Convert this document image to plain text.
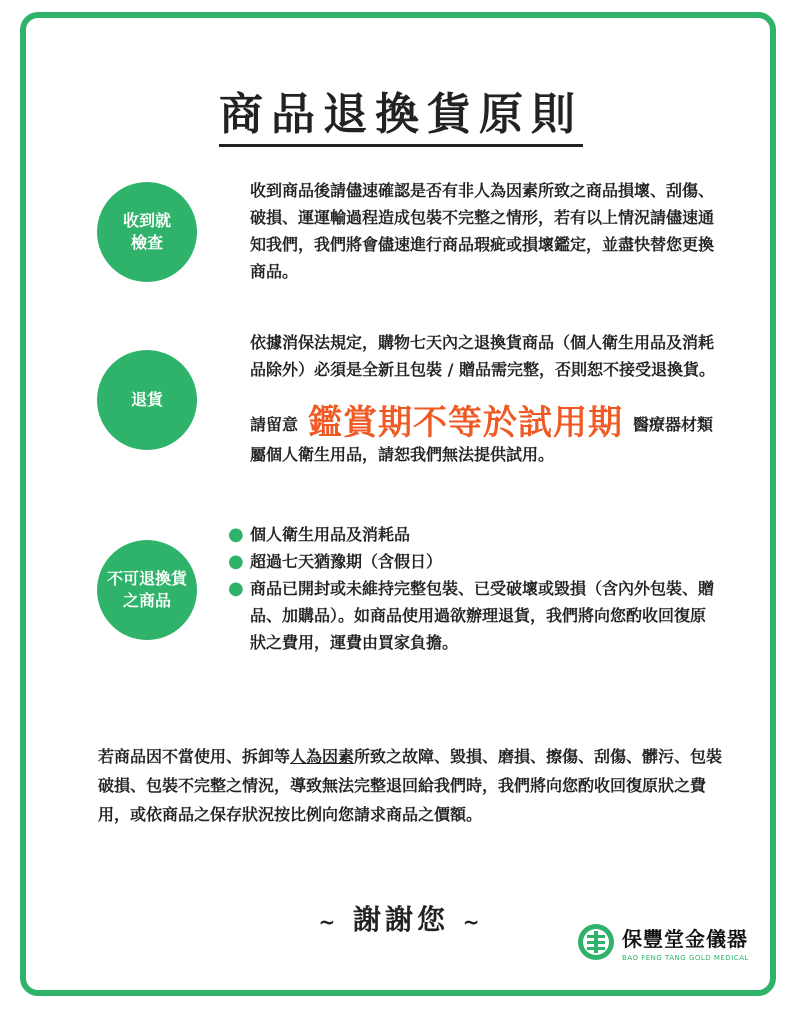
商品退換貨原則
收到就
檢查
收到商品後請儘速確認是否有非人為因素所致之商品損壞、刮傷、破損、運運輸過程造成包裝不完整之情形，若有以上情況請儘速通知我們，我們將會儘速進行商品瑕疵或損壞鑑定，並盡快替您更換商品。
退貨
依據消保法規定，購物七天內之退換貨商品（個人衛生用品及消耗品除外）必須是全新且包裝 / 贈品需完整，否則恕不接受退換貨。
請留意 鑑賞期不等於試用期 醫療器材類屬個人衛生用品，請恕我們無法提供試用。
不可退換貨
之商品
● 個人衛生用品及消耗品
● 超過七天猶豫期（含假日）
● 商品已開封或未維持完整包裝、已受破壞或毀損（含內外包裝、贈品、加購品）。如商品使用過欲辦理退貨，我們將向您酌收回復原狀之費用，運費由買家負擔。
若商品因不當使用、拆卸等人為因素所致之故障、毀損、磨損、擦傷、刮傷、髒污、包裝破損、包裝不完整之情況，導致無法完整退回給我們時，我們將向您酌收回復原狀之費用，或依商品之保存狀況按比例向您請求商品之價額。
~ 謝謝您 ~
保豐堂金儀器
BAO FENG TANG GOLD MEDICAL
